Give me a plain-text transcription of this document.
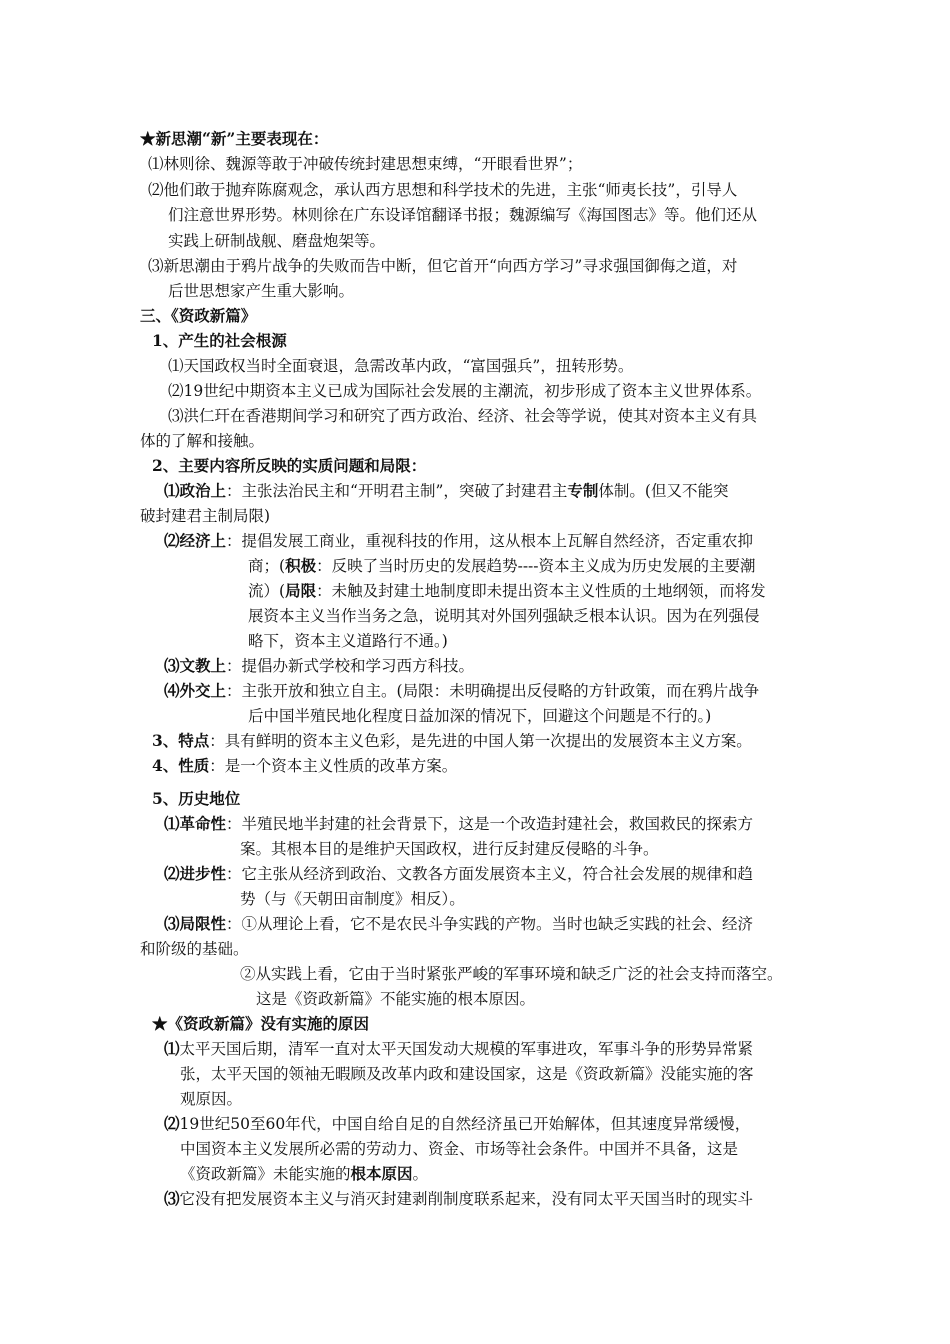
★新思潮“新”主要表现在：
⑴林则徐、魏源等敢于冲破传统封建思想束缚，“开眼看世界”；
⑵他们敢于抛弃陈腐观念，承认西方思想和科学技术的先进，主张“师夷长技”，引导人
们注意世界形势。林则徐在广东设译馆翻译书报；魏源编写《海国图志》等。他们还从
实践上研制战舰、磨盘炮架等。
⑶新思潮由于鸦片战争的失败而告中断，但它首开“向西方学习”寻求强国御侮之道，对
后世思想家产生重大影响。
三、《资政新篇》
1、产生的社会根源
⑴天国政权当时全面衰退，急需改革内政，“富国强兵”，扭转形势。
⑵19世纪中期资本主义已成为国际社会发展的主潮流，初步形成了资本主义世界体系。
⑶洪仁玕在香港期间学习和研究了西方政治、经济、社会等学说，使其对资本主义有具
体的了解和接触。
2、主要内容所反映的实质问题和局限：
⑴政治上：主张法治民主和“开明君主制”，突破了封建君主专制体制。(但又不能突
破封建君主制局限)
⑵经济上：提倡发展工商业，重视科技的作用，这从根本上瓦解自然经济，否定重农抑
商；(积极：反映了当时历史的发展趋势----资本主义成为历史发展的主要潮
流）(局限：未触及封建土地制度即未提出资本主义性质的土地纲领，而将发
展资本主义当作当务之急，说明其对外国列强缺乏根本认识。因为在列强侵
略下，资本主义道路行不通。)
⑶文教上：提倡办新式学校和学习西方科技。
⑷外交上：主张开放和独立自主。(局限：未明确提出反侵略的方针政策，而在鸦片战争
后中国半殖民地化程度日益加深的情况下，回避这个问题是不行的。)
3、特点：具有鲜明的资本主义色彩，是先进的中国人第一次提出的发展资本主义方案。
4、性质：是一个资本主义性质的改革方案。
5、历史地位
⑴革命性：半殖民地半封建的社会背景下，这是一个改造封建社会，救国救民的探索方
案。其根本目的是维护天国政权，进行反封建反侵略的斗争。
⑵进步性：它主张从经济到政治、文教各方面发展资本主义，符合社会发展的规律和趋
势（与《天朝田亩制度》相反）。
⑶局限性：①从理论上看，它不是农民斗争实践的产物。当时也缺乏实践的社会、经济
和阶级的基础。
②从实践上看，它由于当时紧张严峻的军事环境和缺乏广泛的社会支持而落空。
这是《资政新篇》不能实施的根本原因。
★《资政新篇》没有实施的原因
⑴太平天国后期，清军一直对太平天国发动大规模的军事进攻，军事斗争的形势异常紧
张，太平天国的领袖无暇顾及改革内政和建设国家，这是《资政新篇》没能实施的客
观原因。
⑵19世纪50至60年代，中国自给自足的自然经济虽已开始解体，但其速度异常缓慢，
中国资本主义发展所必需的劳动力、资金、市场等社会条件。中国并不具备，这是
《资政新篇》未能实施的根本原因。
⑶它没有把发展资本主义与消灭封建剥削制度联系起来，没有同太平天国当时的现实斗
